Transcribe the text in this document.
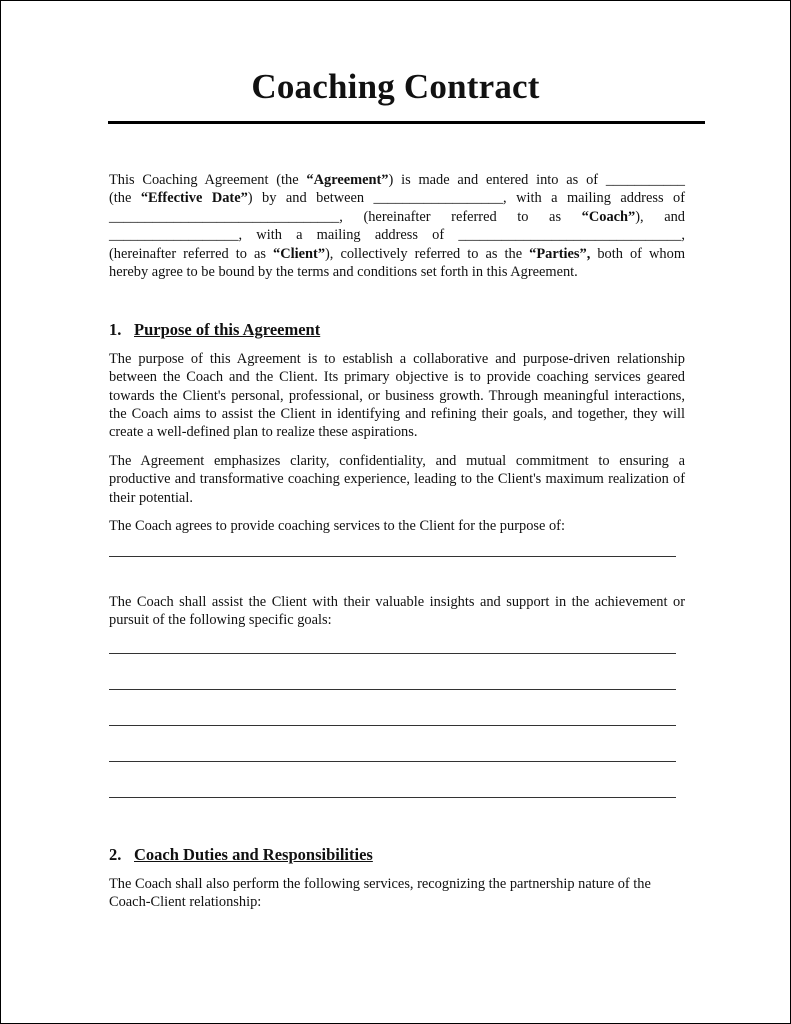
Coaching Contract

This Coaching Agreement (the “Agreement”) is made and entered into as of ___________

(the “Effective Date”) by and between __________________, with a mailing address of

________________________________, (hereinafter referred to as “Coach”), and

__________________, with a mailing address of _______________________________,

(hereinafter referred to as “Client”), collectively referred to as the “Parties”, both of whom

hereby agree to be bound by the terms and conditions set forth in this Agreement.

1. Purpose of this Agreement

The purpose of this Agreement is to establish a collaborative and purpose-driven relationship between the Coach and the Client. Its primary objective is to provide coaching services geared towards the Client's personal, professional, or business growth. Through meaningful interactions, the Coach aims to assist the Client in identifying and refining their goals, and together, they will create a well-defined plan to realize these aspirations.

The Agreement emphasizes clarity, confidentiality, and mutual commitment to ensuring a productive and transformative coaching experience, leading to the Client's maximum realization of their potential.

The Coach agrees to provide coaching services to the Client for the purpose of:

The Coach shall assist the Client with their valuable insights and support in the achievement or pursuit of the following specific goals:

2. Coach Duties and Responsibilities

The Coach shall also perform the following services, recognizing the partnership nature of the Coach-Client relationship:
